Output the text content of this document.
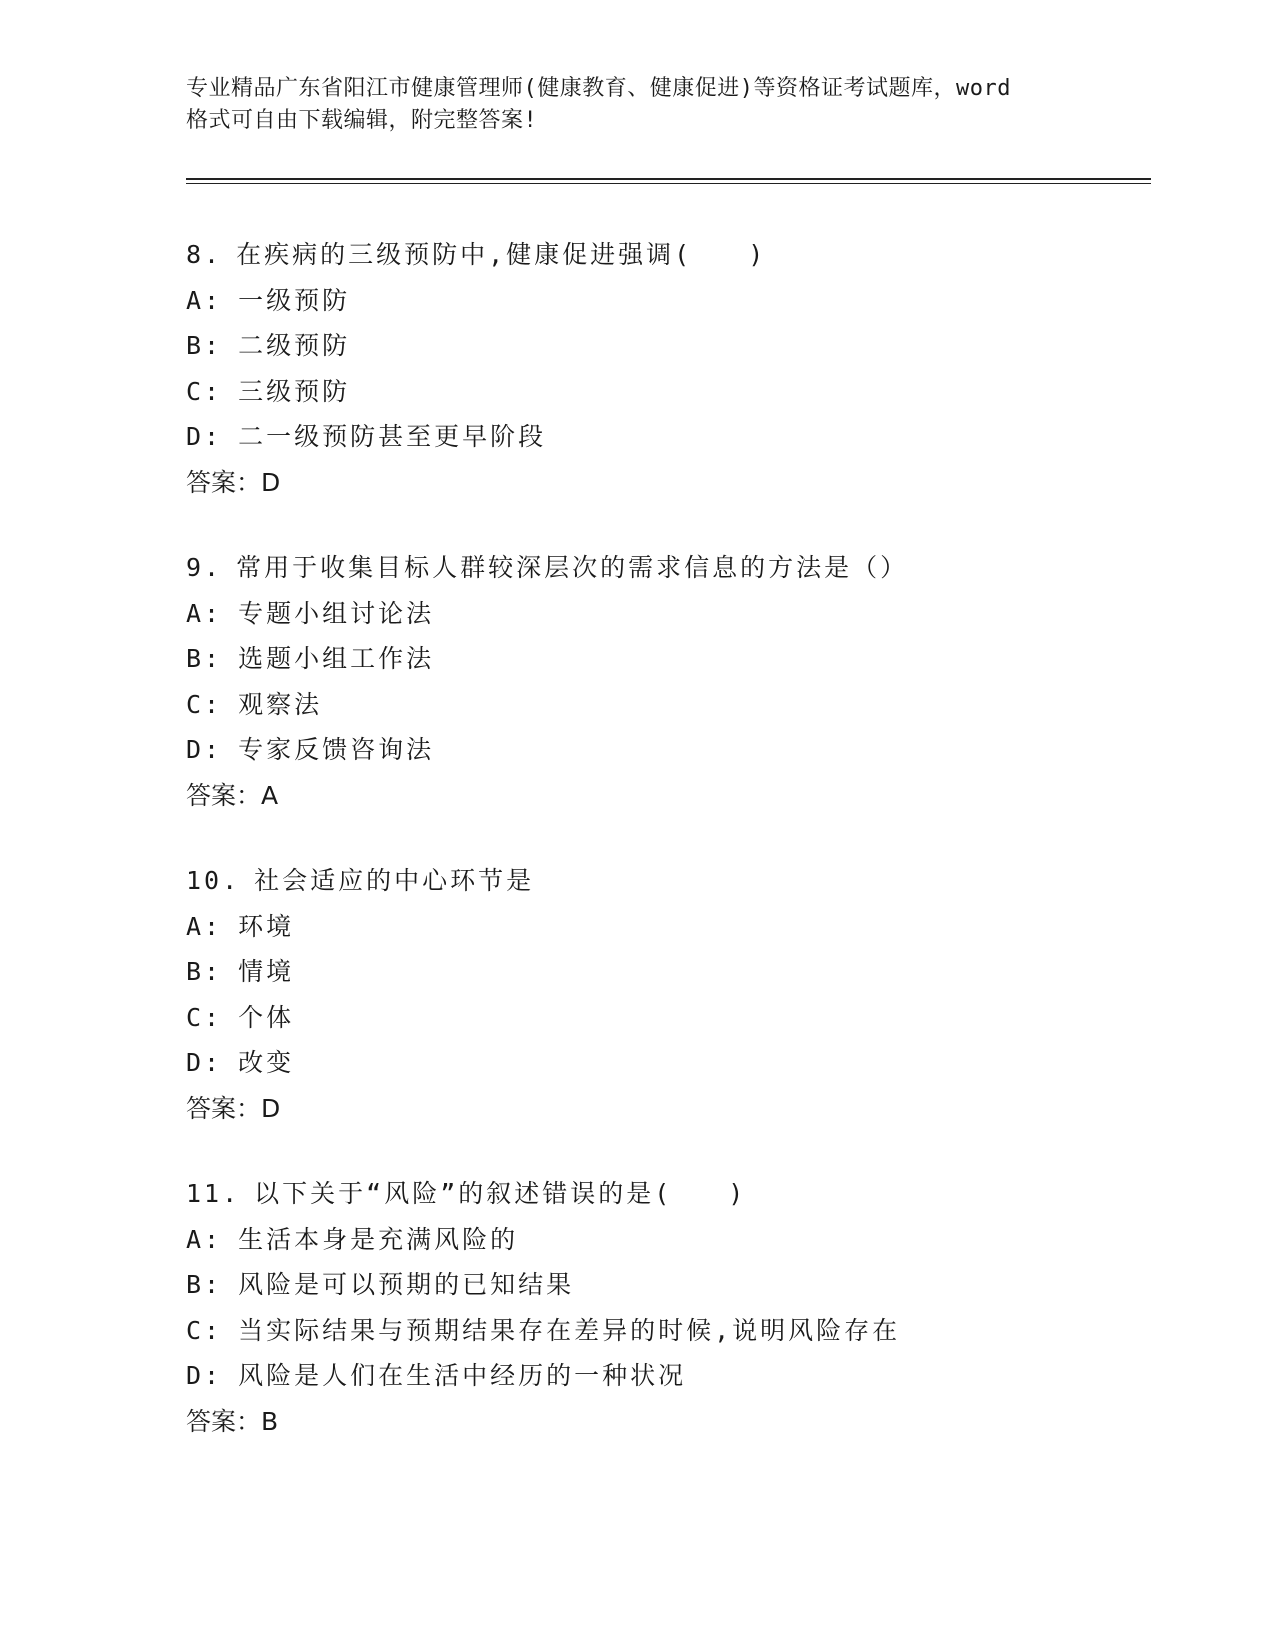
专业精品广东省阳江市健康管理师(健康教育、健康促进)等资格证考试题库，word
格式可自由下载编辑，附完整答案!
8. 在疾病的三级预防中,健康促进强调(　　)
A: 一级预防
B: 二级预防
C: 三级预防
D: 二一级预防甚至更早阶段
答案：D
9. 常用于收集目标人群较深层次的需求信息的方法是（）
A: 专题小组讨论法
B: 选题小组工作法
C: 观察法
D: 专家反馈咨询法
答案：A
10. 社会适应的中心环节是
A: 环境
B: 情境
C: 个体
D: 改变
答案：D
11. 以下关于“风险”的叙述错误的是(　　)
A: 生活本身是充满风险的
B: 风险是可以预期的已知结果
C: 当实际结果与预期结果存在差异的时候,说明风险存在
D: 风险是人们在生活中经历的一种状况
答案：B
